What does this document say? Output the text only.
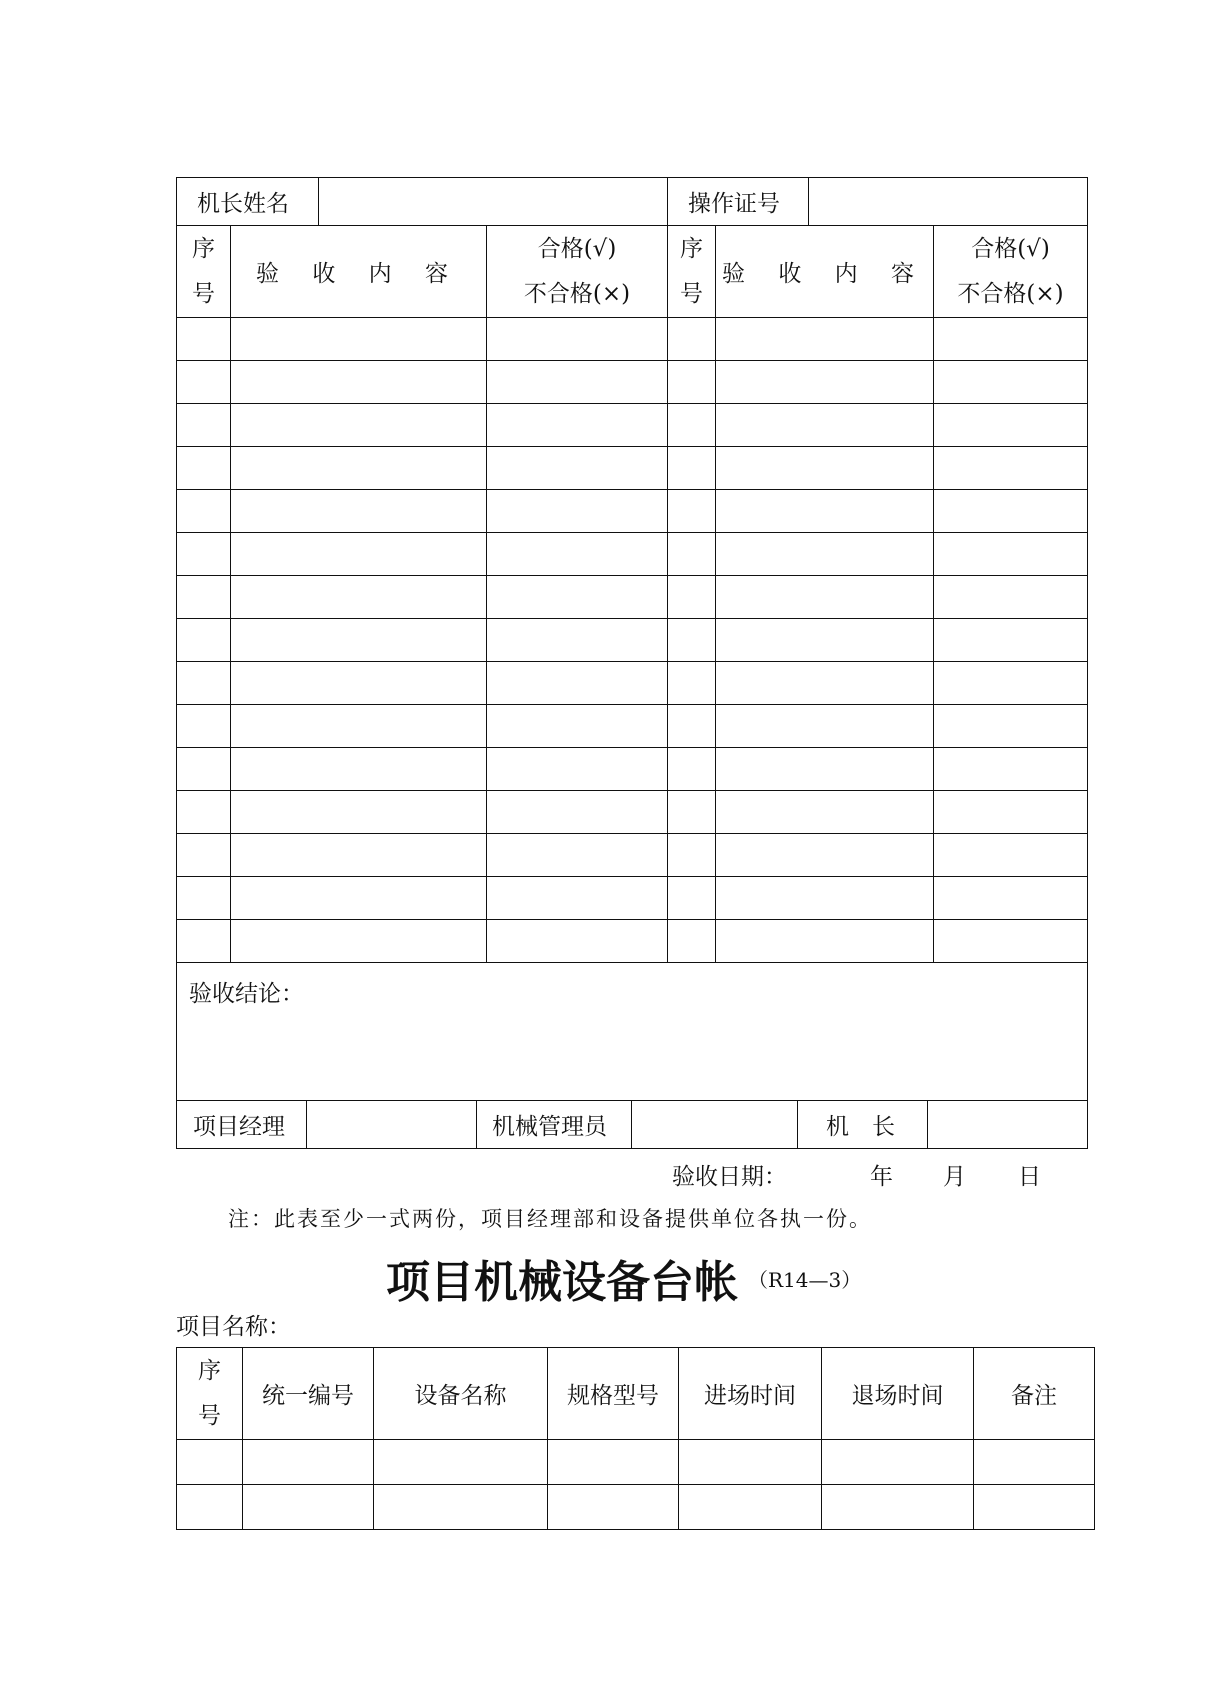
机长姓名 操作证号					

序
号	验 收 内 容	合格(√)
不合格(×)	序
号	验 收 内 容	合格(√)
不合格(×)

验收结论：					

项目经理 机械管理员 机　长					
验收日期：	年 月 日
注：此表至少一式两份，项目经理部和设备提供单位各执一份。
项目机械设备台帐 （R14—3）
项目名称：
序
号	统一编号	设备名称	规格型号	进场时间	退场时间	备注
